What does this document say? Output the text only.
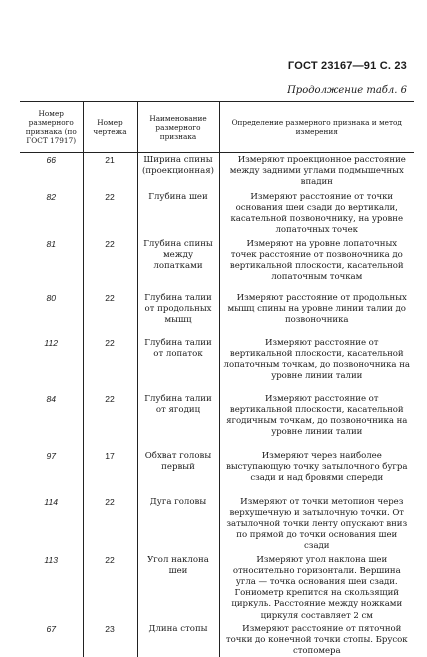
ГОСТ 23167—91 С. 23
Продолжение табл. 6
Номер размерного признака (по ГОСТ 17917)	Номер чертежа	Наименование размерного признака	Определение размерного признака и метод измерения
66	21	Ширина спины (проекционная)	Измеряют проекционное расстояние между задними углами подмышечных впадин
82	22	Глубина шеи	Измеряют расстояние от точки основания шеи сзади до вертикали, касательной позвоночнику, на уровне лопаточных точек
81	22	Глубина спины между лопатками	Измеряют на уровне лопаточных точек расстояние от позвоночника до вертикальной плоскости, касательной лопаточным точкам
80	22	Глубина талии от продольных мышц	Измеряют расстояние от продольных мышц спины на уровне линии талии до позвоночника
112	22	Глубина талии от лопаток	Измеряют расстояние от вертикальной плоскости, касательной лопаточным точкам, до позвоночника на уровне линии талии
84	22	Глубина талии от ягодиц	Измеряют расстояние от вертикальной плоскости, касательной ягодичным точкам, до позвоночника на уровне линии талии
97	17	Обхват головы первый	Измеряют через наиболее выступающую точку затылочного бугра сзади и над бровями спереди
114	22	Дуга головы	Измеряют от точки метопион через верхушечную и затылочную точки. От затылочной точки ленту опускают вниз по прямой до точки основания шеи сзади
113	22	Угол наклона шеи	Измеряют угол наклона шеи относительно горизонтали. Вершина угла — точка основания шеи сзади. Гониометр крепится на скользящий циркуль. Расстояние между ножками циркуля составляет 2 см
67	23	Длина стопы	Измеряют расстояние от пяточной точки до конечной точки стопы. Брусок стопомера
